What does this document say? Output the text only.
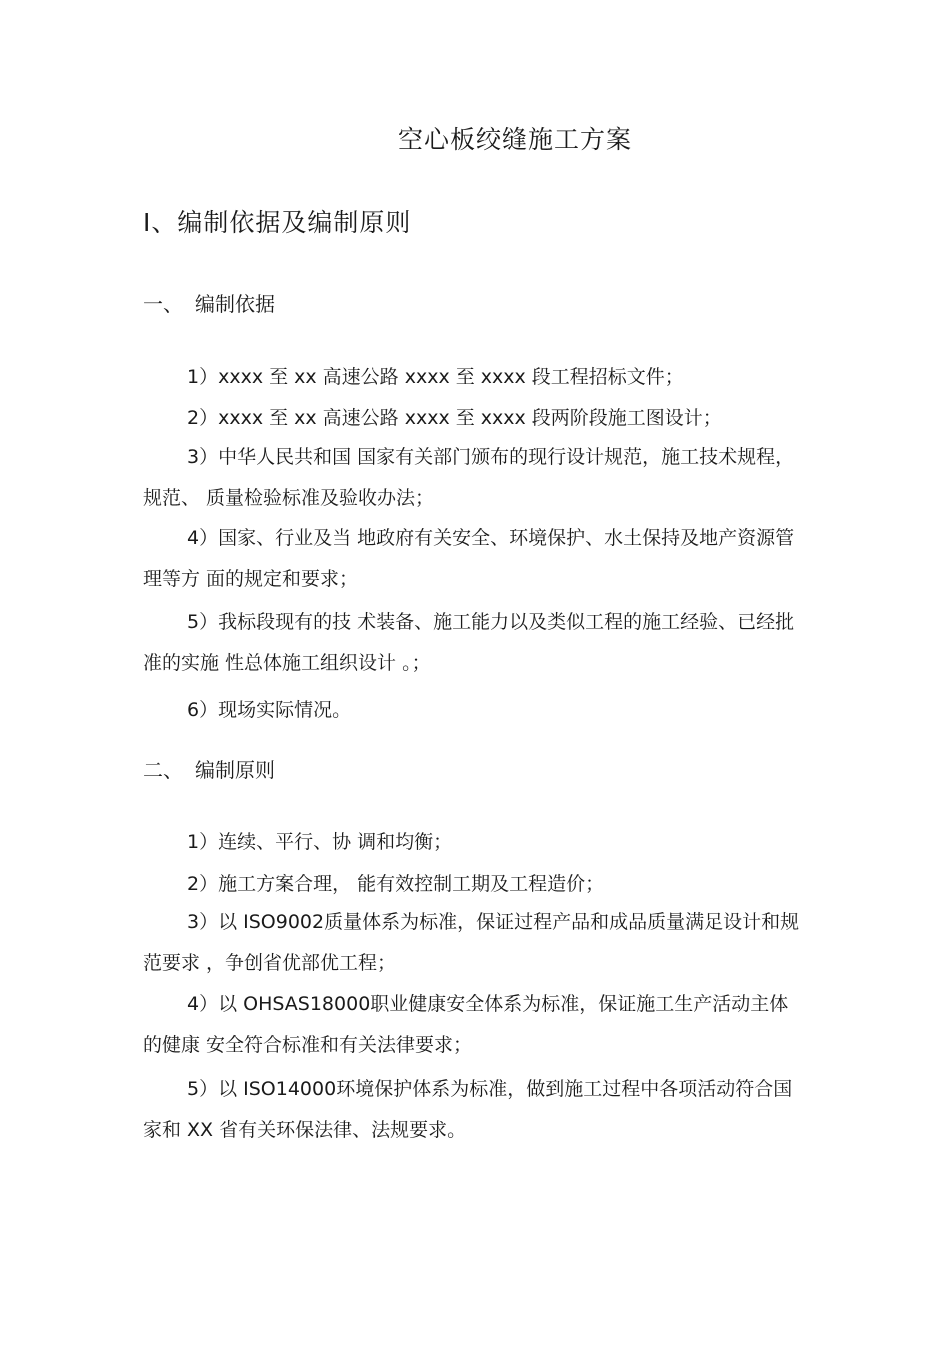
空心板绞缝施工方案
Ⅰ、编制依据及编制原则
一、 编制依据
1）xxxx 至 xx 高速公路 xxxx 至 xxxx 段工程招标文件；
2）xxxx 至 xx 高速公路 xxxx 至 xxxx 段两阶段施工图设计；
3）中华人民共和国 国家有关部门颁布的现行设计规范，施工技术规程，规范、 质量检验标准及验收办法；
4）国家、行业及当 地政府有关安全、环境保护、水土保持及地产资源管理等方 面的规定和要求；
5）我标段现有的技 术装备、施工能力以及类似工程的施工经验、已经批准的实施 性总体施工组织设计 。；
6）现场实际情况。
二、 编制原则
1）连续、平行、协 调和均衡；
2）施工方案合理， 能有效控制工期及工程造价；
3）以 ISO9002质量体系为标准，保证过程产品和成品质量满足设计和规范要求 ，争创省优部优工程；
4）以 OHSAS18000职业健康安全体系为标准，保证施工生产活动主体的健康 安全符合标准和有关法律要求；
5）以 ISO14000环境保护体系为标准，做到施工过程中各项活动符合国家和 XX 省有关环保法律、法规要求。
